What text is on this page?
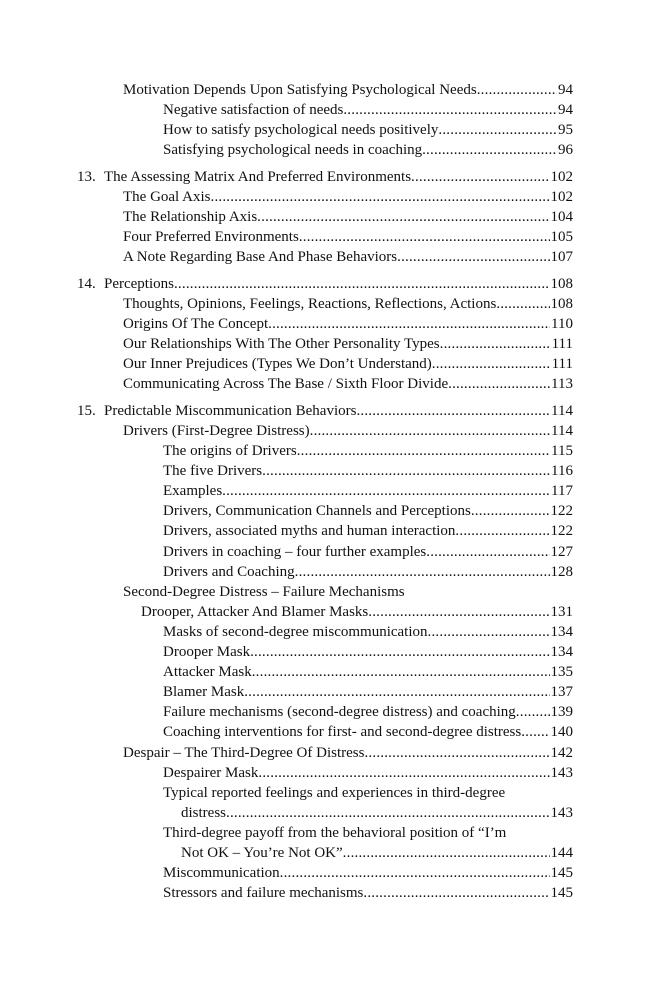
Motivation Depends Upon Satisfying Psychological Needs .....	94
Negative satisfaction of needs .....	94
How to satisfy psychological needs positively .....	95
Satisfying psychological needs in coaching .....	96
13. The Assessing Matrix And Preferred Environments .....	102
The Goal Axis .....	102
The Relationship Axis .....	104
Four Preferred Environments .....	105
A Note Regarding Base And Phase Behaviors .....	107
14. Perceptions .....	108
Thoughts, Opinions, Feelings, Reactions, Reflections, Actions .....	108
Origins Of The Concept .....	110
Our Relationships With The Other Personality Types .....	111
Our Inner Prejudices (Types We Don’t Understand) .....	111
Communicating Across The Base / Sixth Floor Divide .....	113
15. Predictable Miscommunication Behaviors .....	114
Drivers (First-Degree Distress) .....	114
The origins of Drivers .....	115
The five Drivers .....	116
Examples .....	117
Drivers, Communication Channels and Perceptions .....	122
Drivers, associated myths and human interaction .....	122
Drivers in coaching – four further examples .....	127
Drivers and Coaching .....	128
Second-Degree Distress – Failure Mechanisms
Drooper, Attacker And Blamer Masks .....	131
Masks of second-degree miscommunication .....	134
Drooper Mask .....	134
Attacker Mask .....	135
Blamer Mask .....	137
Failure mechanisms (second-degree distress) and coaching ..... 139
Coaching interventions for first- and second-degree distress ..... 140
Despair – The Third-Degree Of Distress .....	142
Despairer Mask .....	143
Typical reported feelings and experiences in third-degree
distress .....	143
Third-degree payoff from the behavioral position of “I’m
Not OK – You’re Not OK” .....	144
Miscommunication .....	145
Stressors and failure mechanisms .....	145
